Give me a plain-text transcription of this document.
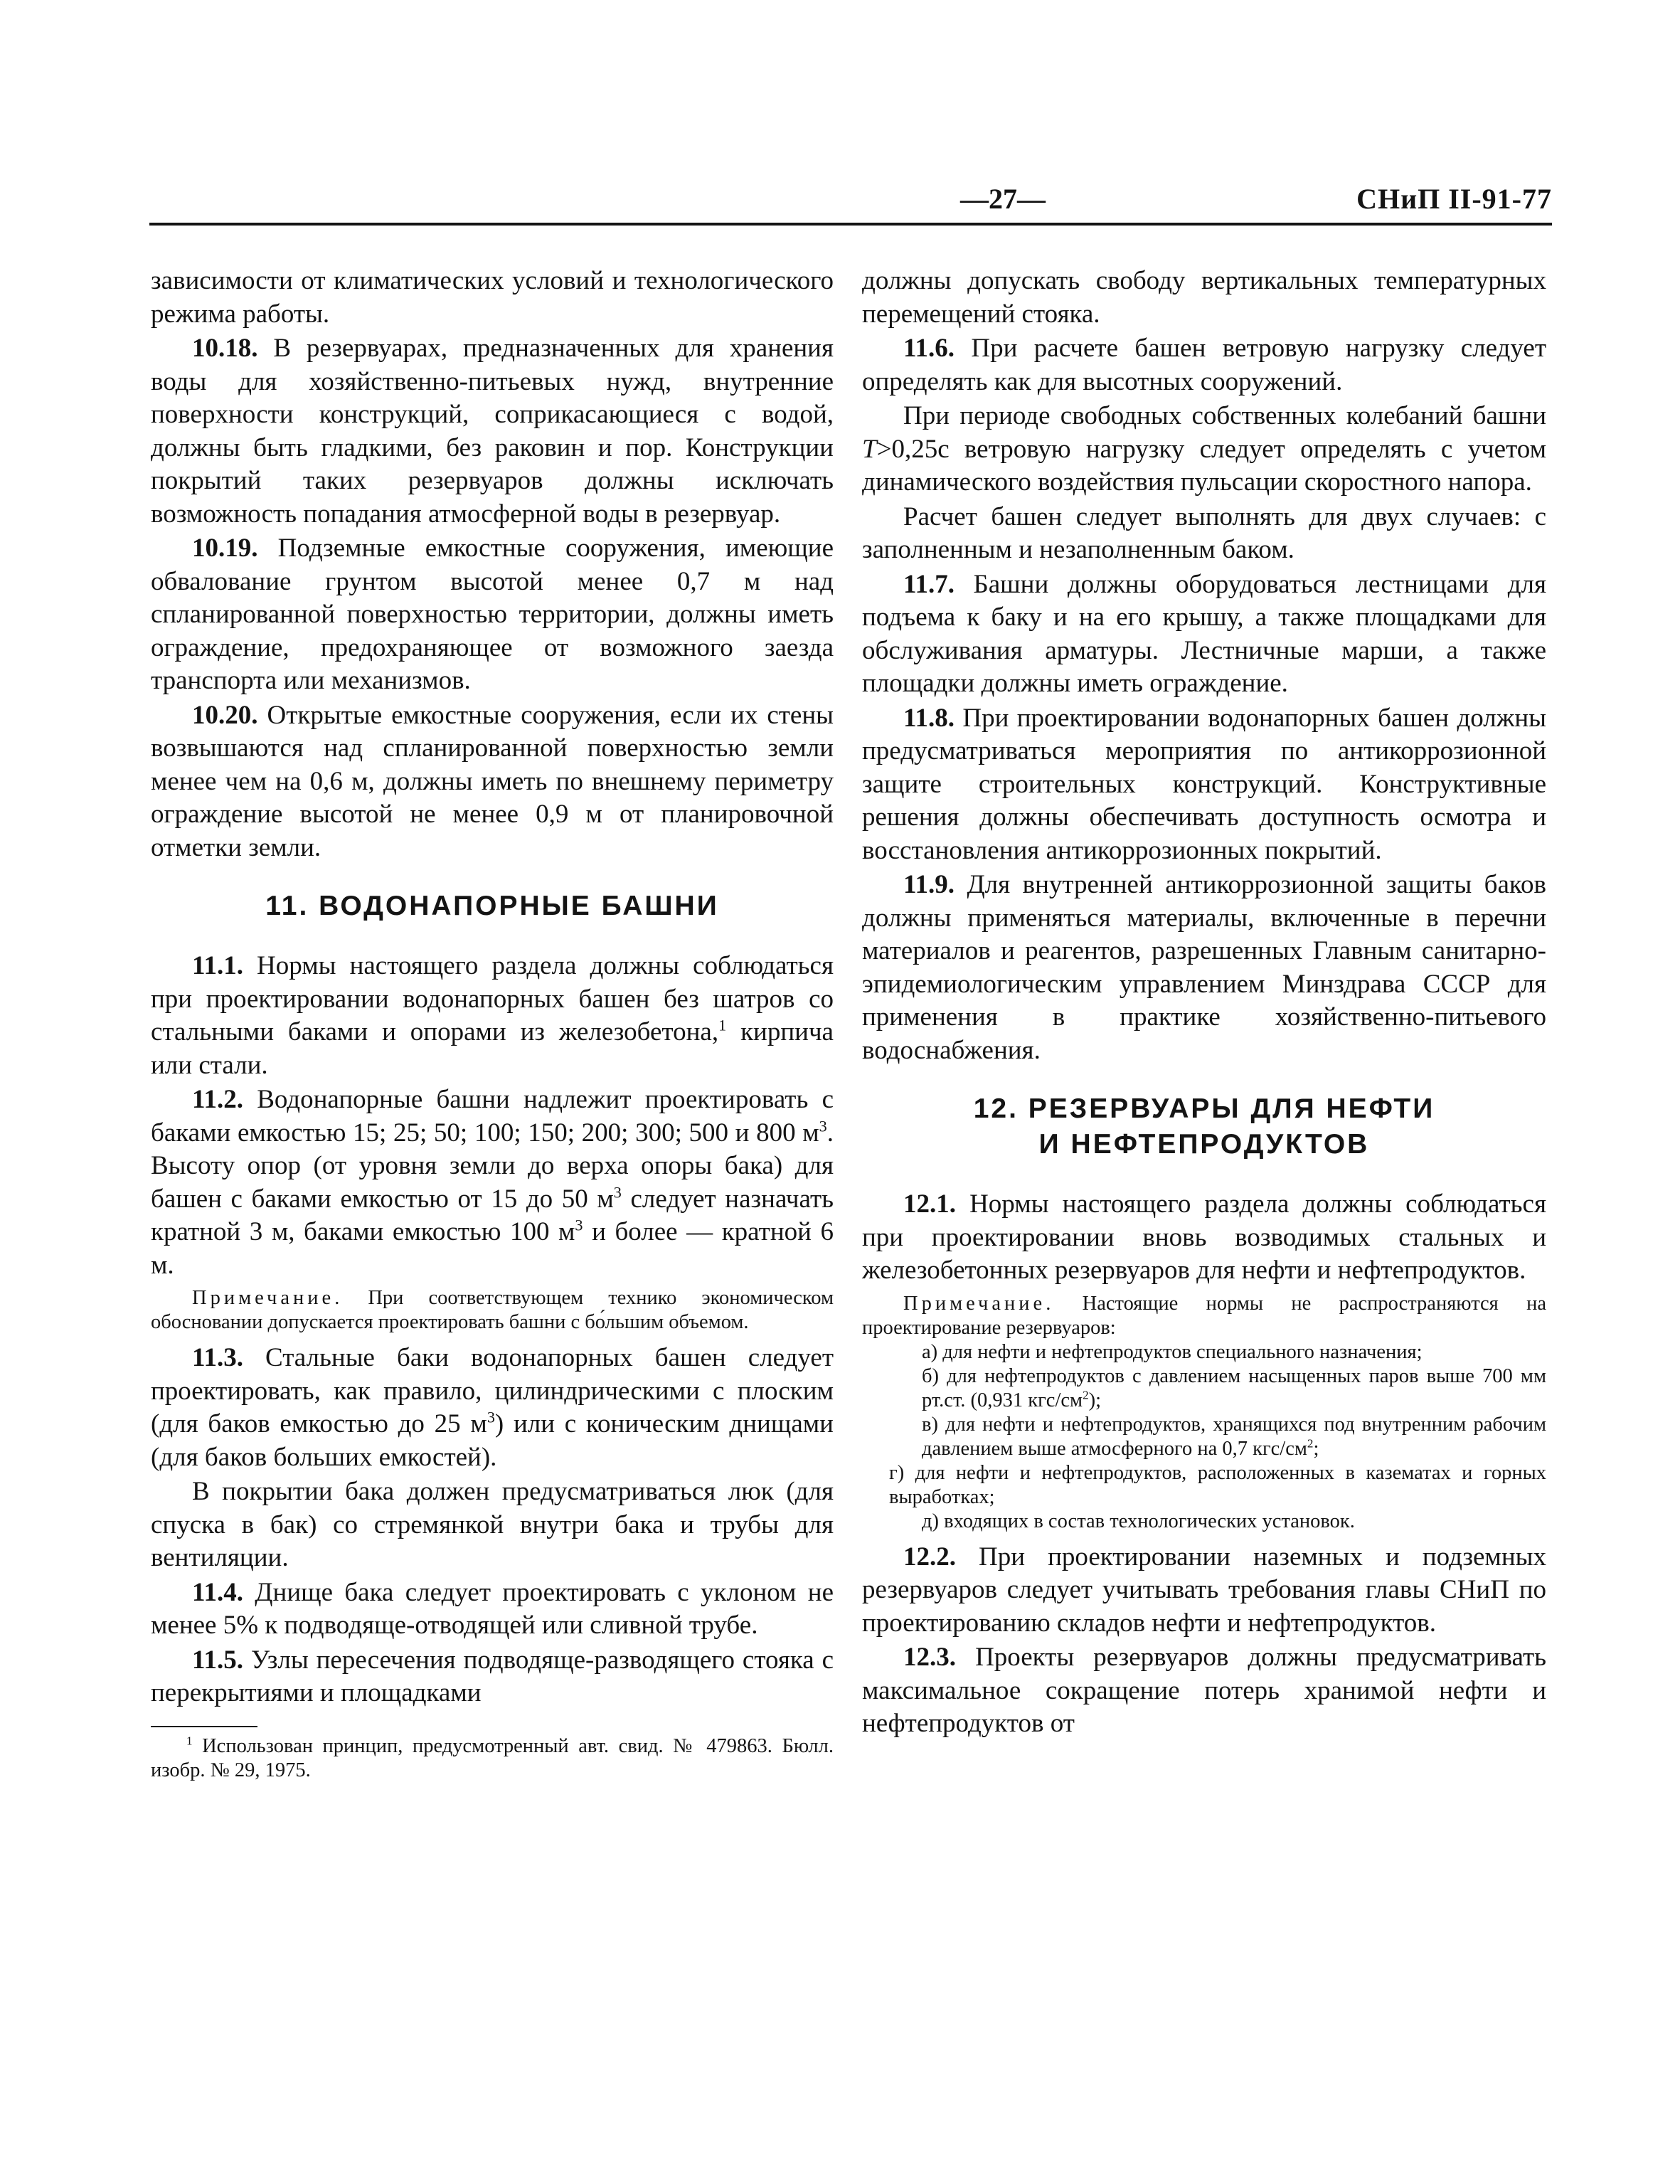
—27—	СНиП II-91-77

зависимости от климатических условий и технологического режима работы.

10.18. В резервуарах, предназначенных для хранения воды для хозяйственно-питьевых нужд, внутренние поверхности конструкций, соприкасающиеся с водой, должны быть гладкими, без раковин и пор. Конструкции покрытий таких резервуаров должны исключать возможность попадания атмосферной воды в резервуар.

10.19. Подземные емкостные сооружения, имеющие обвалование грунтом высотой менее 0,7 м над спланированной поверхностью территории, должны иметь ограждение, предохраняющее от возможного заезда транспорта или механизмов.

10.20. Открытые емкостные сооружения, если их стены возвышаются над спланированной поверхностью земли менее чем на 0,6 м, должны иметь по внешнему периметру ограждение высотой не менее 0,9 м от планировочной отметки земли.

11. ВОДОНАПОРНЫЕ БАШНИ

11.1. Нормы настоящего раздела должны соблюдаться при проектировании водонапорных башен без шатров со стальными баками и опорами из железобетона,$^1$ кирпича или стали.

11.2. Водонапорные башни надлежит проектировать с баками емкостью 15; 25; 50; 100; 150; 200; 300; 500 и 800 $м^3$. Высоту опор (от уровня земли до верха опоры бака) для башен с баками емкостью от 15 до 50 $м^3$ следует назначать кратной 3 м, баками емкостью 100 $м^3$ и более — кратной 6 м.

Примечание. При соответствующем технико экономическом обосновании допускается проектировать башни с бо́льшим объемом.

11.3. Стальные баки водонапорных башен следует проектировать, как правило, цилиндрическими с плоским (для баков емкостью до 25 $м^3$) или с коническим днищами (для баков больших емкостей).

В покрытии бака должен предусматриваться люк (для спуска в бак) со стремянкой внутри бака и трубы для вентиляции.

11.4. Днище бака следует проектировать с уклоном не менее 5% к подводяще-отводящей или сливной трубе.

11.5. Узлы пересечения подводяще-разводящего стояка с перекрытиями и площадками

$^1$ Использован принцип, предусмотренный авт. свид. № 479863. Бюлл. изобр. № 29, 1975.

должны допускать свободу вертикальных температурных перемещений стояка.

11.6. При расчете башен ветровую нагрузку следует определять как для высотных сооружений.

При периоде свободных собственных колебаний башни T>0,25с ветровую нагрузку следует определять с учетом динамического воздействия пульсации скоростного напора.

Расчет башен следует выполнять для двух случаев: с заполненным и незаполненным баком.

11.7. Башни должны оборудоваться лестницами для подъема к баку и на его крышу, а также площадками для обслуживания арматуры. Лестничные марши, а также площадки должны иметь ограждение.

11.8. При проектировании водонапорных башен должны предусматриваться мероприятия по антикоррозионной защите строительных конструкций. Конструктивные решения должны обеспечивать доступность осмотра и восстановления антикоррозионных покрытий.

11.9. Для внутренней антикоррозионной защиты баков должны применяться материалы, включенные в перечни материалов и реагентов, разрешенных Главным санитарно-эпидемиологическим управлением Минздрава СССР для применения в практике хозяйственно-питьевого водоснабжения.

12. РЕЗЕРВУАРЫ ДЛЯ НЕФТИ
И НЕФТЕПРОДУКТОВ

12.1. Нормы настоящего раздела должны соблюдаться при проектировании вновь возводимых стальных и железобетонных резервуаров для нефти и нефтепродуктов.

Примечание. Настоящие нормы не распространяются на проектирование резервуаров:
а) для нефти и нефтепродуктов специального назначения;
б) для нефтепродуктов с давлением насыщенных паров выше 700 мм рт.ст. (0,931 кгс/$см^2$);
в) для нефти и нефтепродуктов, хранящихся под внутренним рабочим давлением выше атмосферного на 0,7 кгс/$см^2$;
г) для нефти и нефтепродуктов, расположенных в казематах и горных выработках;
д) входящих в состав технологических установок.

12.2. При проектировании наземных и подземных резервуаров следует учитывать требования главы СНиП по проектированию складов нефти и нефтепродуктов.

12.3. Проекты резервуаров должны предусматривать максимальное сокращение потерь хранимой нефти и нефтепродуктов от
